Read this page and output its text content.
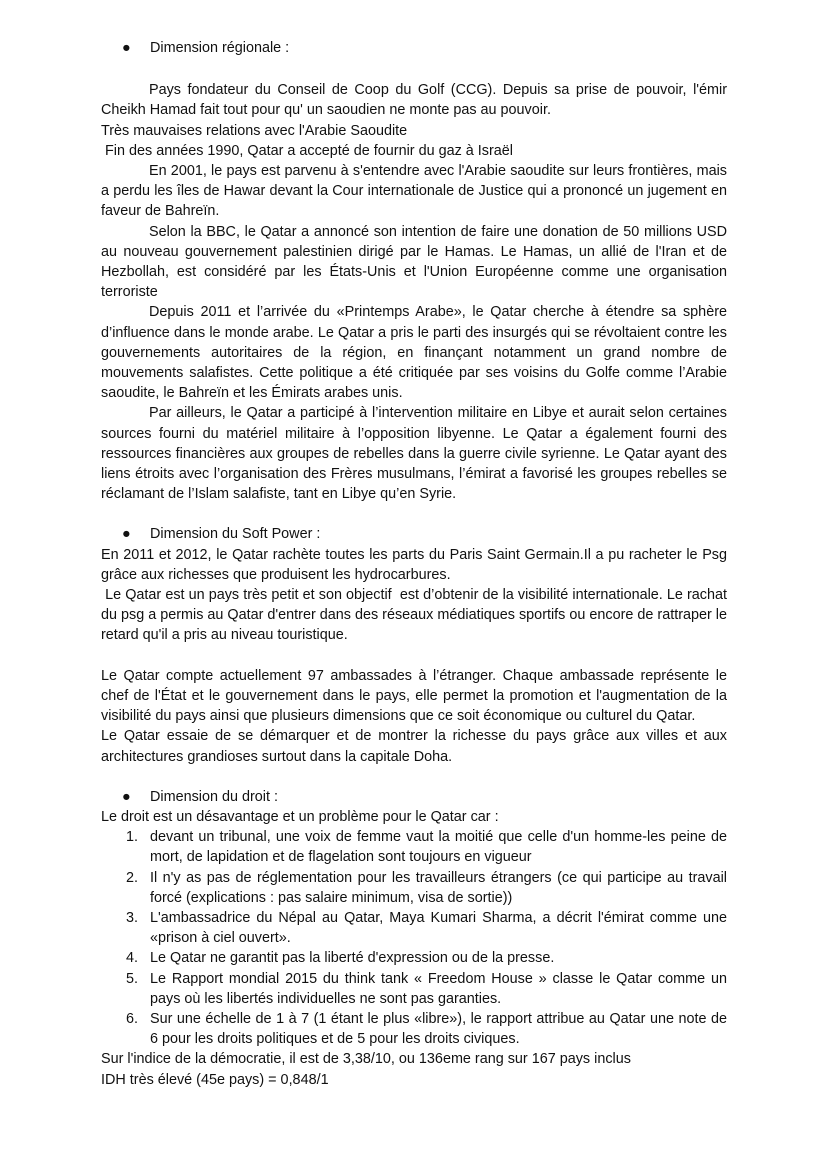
● Dimension régionale :

Pays fondateur du Conseil de Coop du Golf (CCG). Depuis sa prise de pouvoir, l'émir Cheikh Hamad fait tout pour qu' un saoudien ne monte pas au pouvoir.

Très mauvaises relations avec l'Arabie Saoudite

Fin des années 1990, Qatar a accepté de fournir du gaz à Israël

En 2001, le pays est parvenu à s'entendre avec l'Arabie saoudite sur leurs frontières, mais a perdu les îles de Hawar devant la Cour internationale de Justice qui a prononcé un jugement en faveur de Bahreïn.

Selon la BBC, le Qatar a annoncé son intention de faire une donation de 50 millions USD au nouveau gouvernement palestinien dirigé par le Hamas. Le Hamas, un allié de l'Iran et de Hezbollah, est considéré par les États-Unis et l'Union Européenne comme une organisation terroriste

Depuis 2011 et l’arrivée du «Printemps Arabe», le Qatar cherche à étendre sa sphère d’influence dans le monde arabe. Le Qatar a pris le parti des insurgés qui se révoltaient contre les gouvernements autoritaires de la région, en finançant notamment un grand nombre de mouvements salafistes. Cette politique a été critiquée par ses voisins du Golfe comme l’Arabie saoudite, le Bahreïn et les Émirats arabes unis.

Par ailleurs, le Qatar a participé à l’intervention militaire en Libye et aurait selon certaines sources fourni du matériel militaire à l’opposition libyenne. Le Qatar a également fourni des ressources financières aux groupes de rebelles dans la guerre civile syrienne. Le Qatar ayant des liens étroits avec l’organisation des Frères musulmans, l’émirat a favorisé les groupes rebelles se réclamant de l’Islam salafiste, tant en Libye qu’en Syrie.

● Dimension du Soft Power :

En 2011 et 2012, le Qatar rachète toutes les parts du Paris Saint Germain.Il a pu racheter le Psg grâce aux richesses que produisent les hydrocarbures.

Le Qatar est un pays très petit et son objectif  est d’obtenir de la visibilité internationale. Le rachat du psg a permis au Qatar d'entrer dans des réseaux médiatiques sportifs ou encore de rattraper le retard qu'il a pris au niveau touristique.

Le Qatar compte actuellement 97 ambassades à l’étranger. Chaque ambassade représente le chef de l'État et le gouvernement dans le pays, elle permet la promotion et l'augmentation de la visibilité du pays ainsi que plusieurs dimensions que ce soit économique ou culturel du Qatar.

Le Qatar essaie de se démarquer et de montrer la richesse du pays grâce aux villes et aux architectures grandioses surtout dans la capitale Doha.

● Dimension du droit :

Le droit est un désavantage et un problème pour le Qatar car :

1. devant un tribunal, une voix de femme vaut la moitié que celle d'un homme-les peine de mort, de lapidation et de flagelation sont toujours en vigueur
2. Il n'y as pas de réglementation pour les travailleurs étrangers (ce qui participe au travail forcé (explications : pas salaire minimum, visa de sortie))
3. L'ambassadrice du Népal au Qatar, Maya Kumari Sharma, a décrit l'émirat comme une «prison à ciel ouvert».
4. Le Qatar ne garantit pas la liberté d'expression ou de la presse.
5. Le Rapport mondial 2015 du think tank « Freedom House » classe le Qatar comme un pays où les libertés individuelles ne sont pas garanties.
6. Sur une échelle de 1 à 7 (1 étant le plus «libre»), le rapport attribue au Qatar une note de 6 pour les droits politiques et de 5 pour les droits civiques.

Sur l'indice de la démocratie, il est de 3,38/10, ou 136eme rang sur 167 pays inclus

IDH très élevé (45e pays) = 0,848/1
